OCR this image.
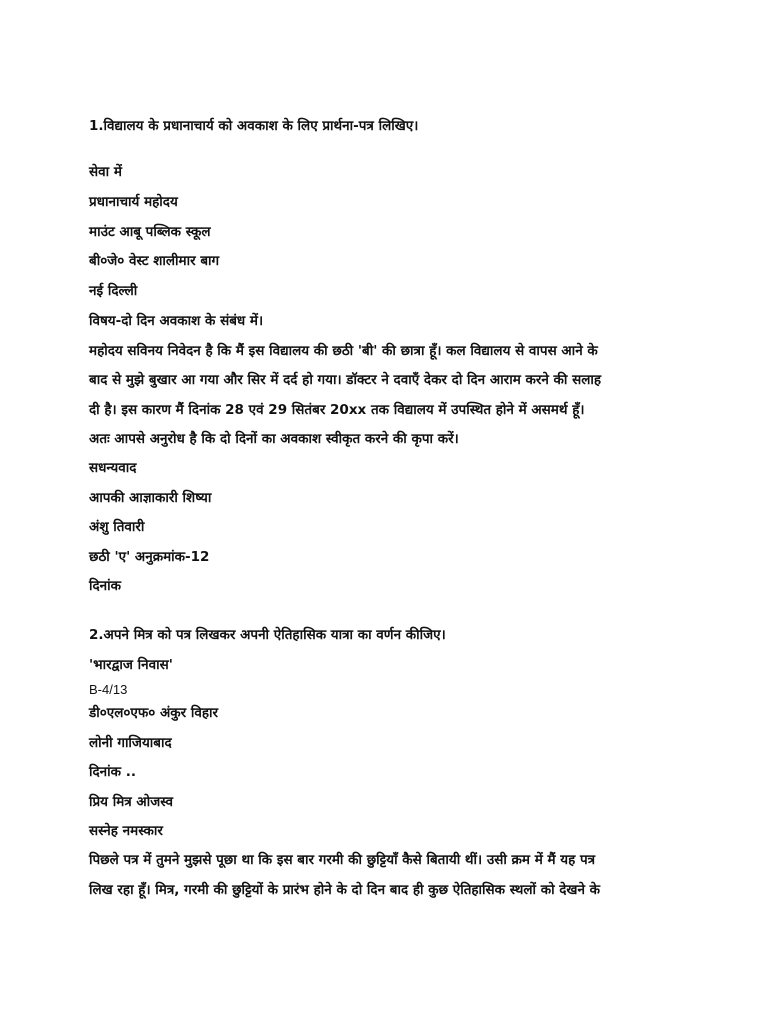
1.विद्यालय के प्रधानाचार्य को अवकाश के लिए प्रार्थना-पत्र लिखिए।
सेवा में
प्रधानाचार्य महोदय
माउंट आबू पब्लिक स्कूल
बी०जे० वेस्ट शालीमार बाग
नई दिल्ली
विषय-दो दिन अवकाश के संबंध में।
महोदय सविनय निवेदन है कि मैं इस विद्यालय की छठी 'बी' की छात्रा हूँ। कल विद्यालय से वापस आने के
बाद से मुझे बुखार आ गया और सिर में दर्द हो गया। डॉक्टर ने दवाएँ देकर दो दिन आराम करने की सलाह
दी है। इस कारण मैं दिनांक 28 एवं 29 सितंबर 20xx तक विद्यालय में उपस्थित होने में असमर्थ हूँ।
अतः आपसे अनुरोध है कि दो दिनों का अवकाश स्वीकृत करने की कृपा करें।
सधन्यवाद
आपकी आज्ञाकारी शिष्या
अंशु तिवारी
छठी 'ए' अनुक्रमांक-12
दिनांक
2.अपने मित्र को पत्र लिखकर अपनी ऐतिहासिक यात्रा का वर्णन कीजिए।
'भारद्वाज निवास'
B-4/13
डी०एल०एफ० अंकुर विहार
लोनी गाजियाबाद
दिनांक ..
प्रिय मित्र ओजस्व
सस्नेह नमस्कार
पिछले पत्र में तुमने मुझसे पूछा था कि इस बार गरमी की छुट्टियाँ कैसे बितायी थीं। उसी क्रम में मैं यह पत्र
लिख रहा हूँ। मित्र, गरमी की छुट्टियों के प्रारंभ होने के दो दिन बाद ही कुछ ऐतिहासिक स्थलों को देखने के
